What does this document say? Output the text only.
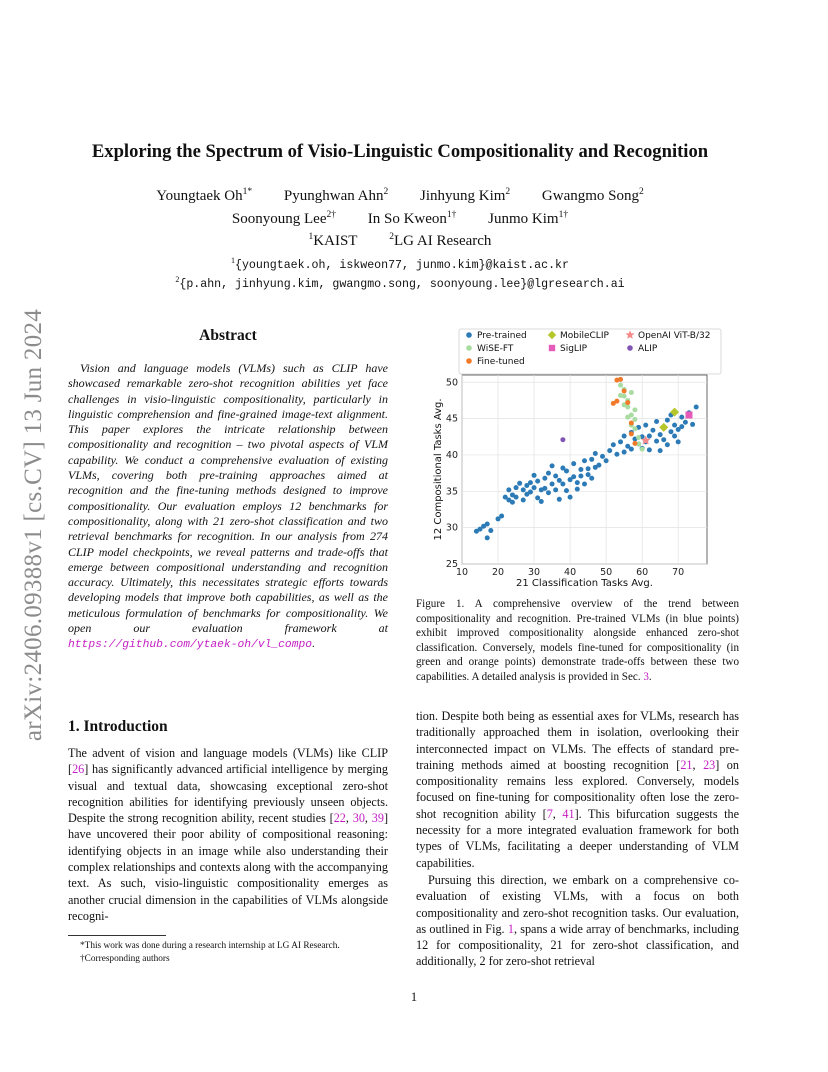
arXiv:2406.09388v1 [cs.CV] 13 Jun 2024
Exploring the Spectrum of Visio-Linguistic Compositionality and Recognition
Youngtaek $Oh^{1*}$ Pyunghwan Ahn$^2$ Jinhyung Kim$^2$ Gwangmo Song$^2$
Soonyoung Lee$^{2\dagger}$ In So Kweon$^{1\dagger}$ Junmo Kim$^{1\dagger}$
$^1$KAIST	$^2$LG AI Research
$^1${youngtaek.oh, iskweon77, junmo.kim}@kaist.ac.kr
$^2${p.ahn, jinhyung.kim, gwangmo.song, soonyoung.lee}@lgresearch.ai
Abstract
Vision and language models (VLMs) such as CLIP have showcased remarkable zero-shot recognition abilities yet face challenges in visio-linguistic compositionality, particularly in linguistic comprehension and fine-grained image-text alignment. This paper explores the intricate relationship between compositionality and recognition – two pivotal aspects of VLM capability. We conduct a comprehensive evaluation of existing VLMs, covering both pre-training approaches aimed at recognition and the fine-tuning methods designed to improve compositionality. Our evaluation employs 12 benchmarks for compositionality, along with 21 zero-shot classification and two retrieval benchmarks for recognition. In our analysis from 274 CLIP model checkpoints, we reveal patterns and trade-offs that emerge between compositional understanding and recognition accuracy. Ultimately, this necessitates strategic efforts towards developing models that improve both capabilities, as well as the meticulous formulation of benchmarks for compositionality. We open our evaluation framework at https://github.com/ytaek-oh/vl_compo.
1. Introduction
The advent of vision and language models (VLMs) like CLIP [26] has significantly advanced artificial intelligence by merging visual and textual data, showcasing exceptional zero-shot recognition abilities for identifying previously unseen objects. Despite the strong recognition ability, recent studies [22, 30, 39] have uncovered their poor ability of compositional reasoning: identifying objects in an image while also understanding their complex relationships and contexts along with the accompanying text. As such, visio-linguistic compositionality emerges as another crucial dimension in the capabilities of VLMs alongside recogni-

*This work was done during a research internship at LG AI Research.

†Corresponding authors

10	20	30	40	50	60	70
25
30
35
40
45
50
21 Classification Tasks Avg.
12 Compositional Tasks Avg.
Pre-trained	MobileCLIP	OpenAI ViT-B/32
WiSE-FT	SigLIP	ALIP
Fine-tuned
Figure 1. A comprehensive overview of the trend between compositionality and recognition. Pre-trained VLMs (in blue points) exhibit improved compositionality alongside enhanced zero-shot classification. Conversely, models fine-tuned for compositionality (in green and orange points) demonstrate trade-offs between these two capabilities. A detailed analysis is provided in Sec. 3.

tion. Despite both being as essential axes for VLMs, research has traditionally approached them in isolation, overlooking their interconnected impact on VLMs. The effects of standard pre-training methods aimed at boosting recognition [21, 23] on compositionality remains less explored. Conversely, models focused on fine-tuning for compositionality often lose the zero-shot recognition ability [7, 41]. This bifurcation suggests the necessity for a more integrated evaluation framework for both types of VLMs, facilitating a deeper understanding of VLM capabilities.

Pursuing this direction, we embark on a comprehensive co-evaluation of existing VLMs, with a focus on both compositionality and zero-shot recognition tasks. Our evaluation, as outlined in Fig. 1, spans a wide array of benchmarks, including 12 for compositionality, 21 for zero-shot classification, and additionally, 2 for zero-shot retrieval

1
